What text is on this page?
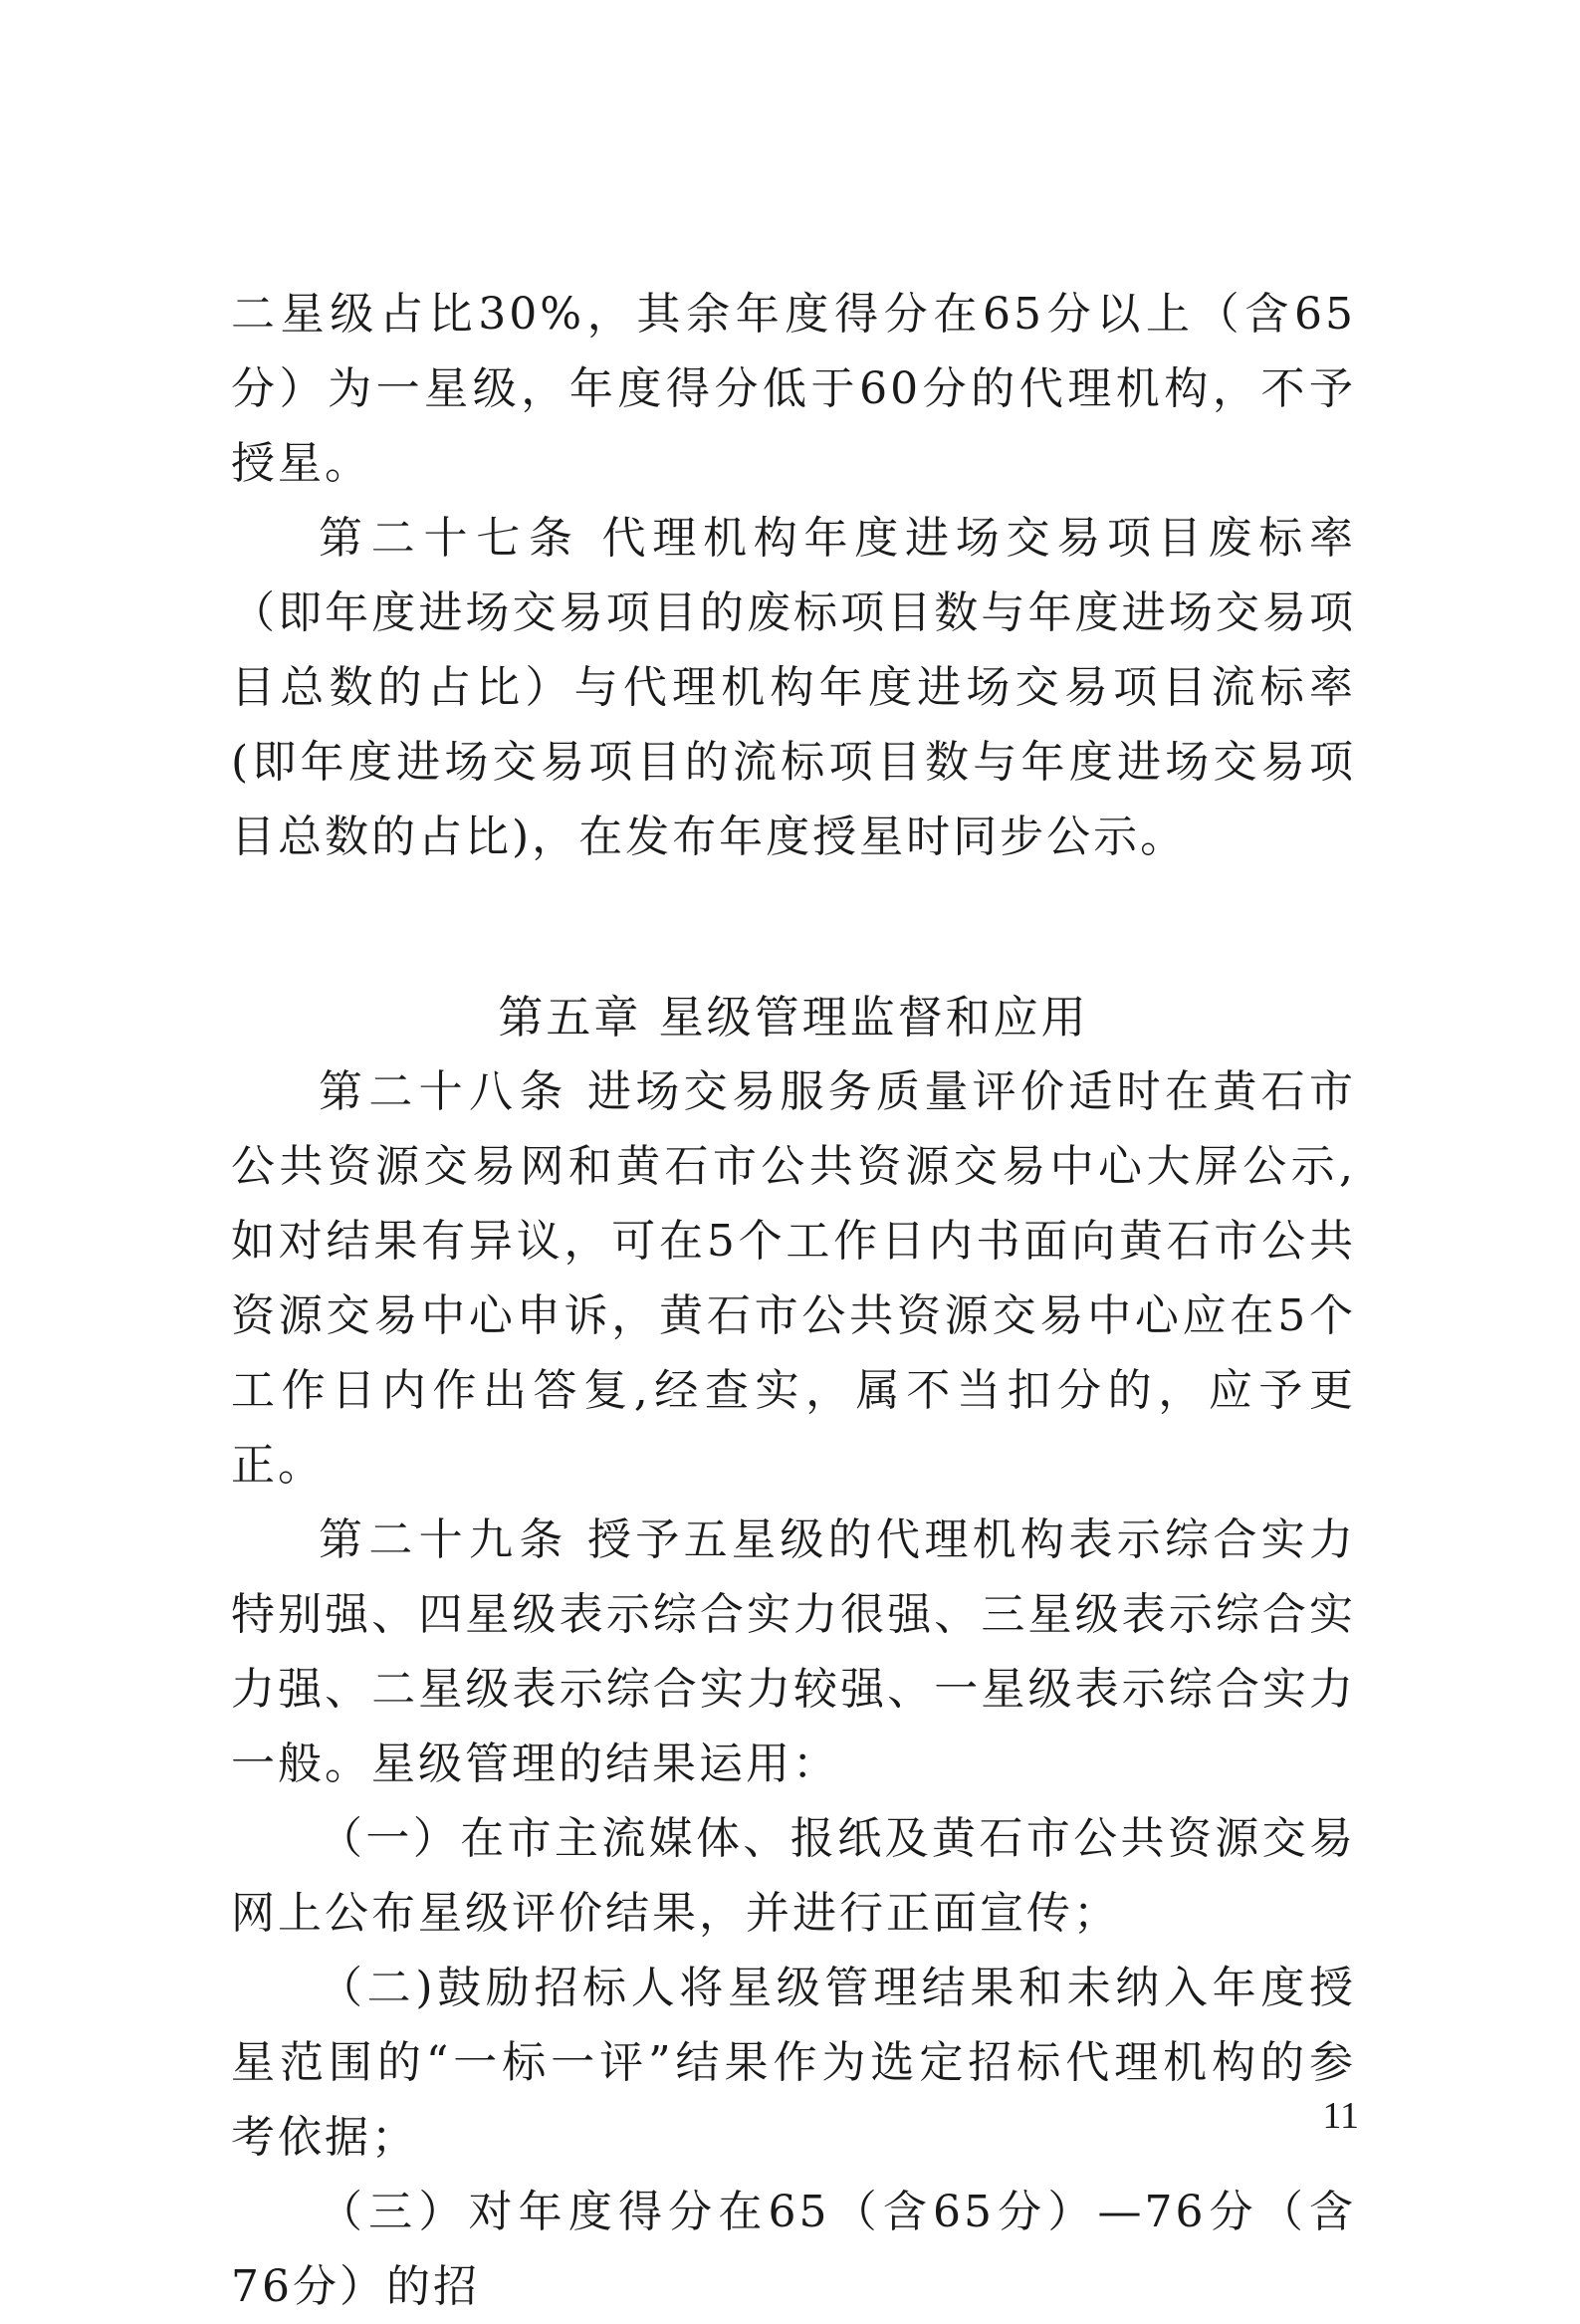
二星级占比30%，其余年度得分在65分以上（含65分）为一星级，年度得分低于60分的代理机构，不予授星。

第二十七条 代理机构年度进场交易项目废标率（即年度进场交易项目的废标项目数与年度进场交易项目总数的占比）与代理机构年度进场交易项目流标率(即年度进场交易项目的流标项目数与年度进场交易项目总数的占比)，在发布年度授星时同步公示。

第五章 星级管理监督和应用

第二十八条 进场交易服务质量评价适时在黄石市公共资源交易网和黄石市公共资源交易中心大屏公示,如对结果有异议，可在5个工作日内书面向黄石市公共资源交易中心申诉，黄石市公共资源交易中心应在5个工作日内作出答复,经查实，属不当扣分的，应予更正。

第二十九条 授予五星级的代理机构表示综合实力特别强、四星级表示综合实力很强、三星级表示综合实力强、二星级表示综合实力较强、一星级表示综合实力一般。星级管理的结果运用：

（一）在市主流媒体、报纸及黄石市公共资源交易网上公布星级评价结果，并进行正面宣传；

（二)鼓励招标人将星级管理结果和未纳入年度授星范围的“一标一评”结果作为选定招标代理机构的参考依据；

（三）对年度得分在65（含65分）—76分（含76分）的招

11
